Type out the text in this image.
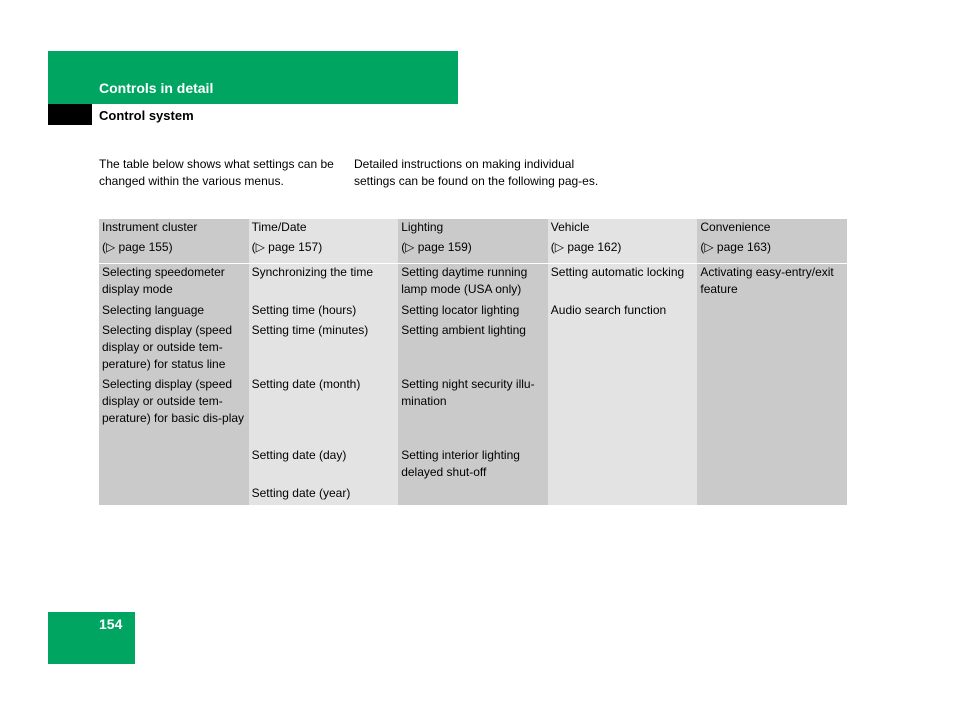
Controls in detail
Control system
The table below shows what settings can be changed within the various menus.
Detailed instructions on making individual settings can be found on the following pag-es.
Instrument cluster	Time/Date	Lighting	Vehicle	Convenience
(▷ page 155)	(▷ page 157)	(▷ page 159)	(▷ page 162)	(▷ page 163)
Selecting speedometer display mode	Synchronizing the time	Setting daytime running lamp mode (USA only)	Setting automatic locking	Activating easy-entry/exit feature
Selecting language	Setting time (hours)	Setting locator lighting	Audio search function	
Selecting display (speed display or outside tem-perature) for status line	Setting time (minutes)	Setting ambient lighting		
Selecting display (speed display or outside tem-perature) for basic dis-play	Setting date (month)	Setting night security illu-mination		
	Setting date (day)	Setting interior lighting delayed shut-off		
	Setting date (year)			
154
